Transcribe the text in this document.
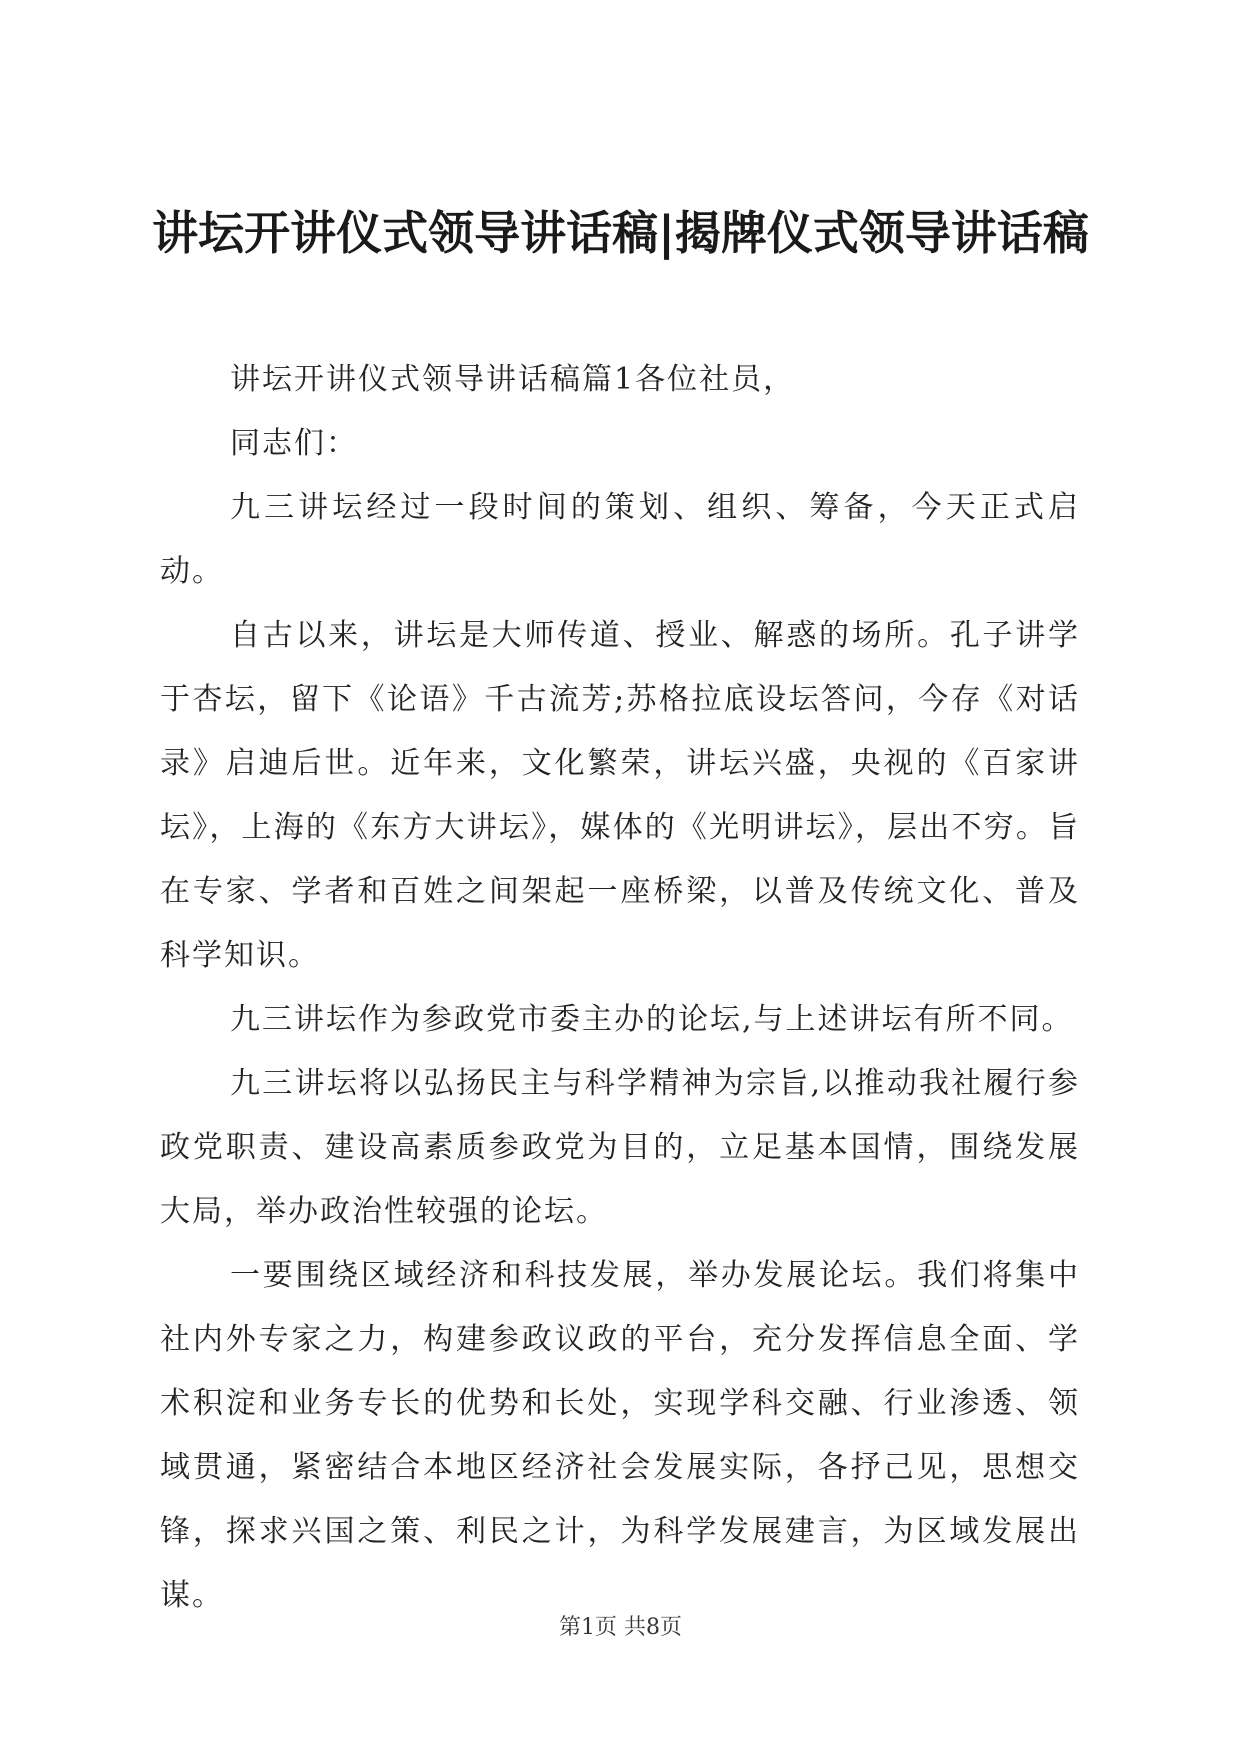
讲坛开讲仪式领导讲话稿|揭牌仪式领导讲话稿

讲坛开讲仪式领导讲话稿篇1各位社员，

同志们：

九三讲坛经过一段时间的策划、组织、筹备，今天正式启动。

自古以来，讲坛是大师传道、授业、解惑的场所。孔子讲学于杏坛，留下《论语》千古流芳;苏格拉底设坛答问，今存《对话录》启迪后世。近年来，文化繁荣，讲坛兴盛，央视的《百家讲坛》，上海的《东方大讲坛》，媒体的《光明讲坛》，层出不穷。旨在专家、学者和百姓之间架起一座桥梁，以普及传统文化、普及科学知识。

九三讲坛作为参政党市委主办的论坛,与上述讲坛有所不同。

九三讲坛将以弘扬民主与科学精神为宗旨,以推动我社履行参政党职责、建设高素质参政党为目的，立足基本国情，围绕发展大局，举办政治性较强的论坛。

一要围绕区域经济和科技发展，举办发展论坛。我们将集中社内外专家之力，构建参政议政的平台，充分发挥信息全面、学术积淀和业务专长的优势和长处，实现学科交融、行业渗透、领域贯通，紧密结合本地区经济社会发展实际，各抒己见，思想交锋，探求兴国之策、利民之计，为科学发展建言，为区域发展出谋。

第1页 共8页
